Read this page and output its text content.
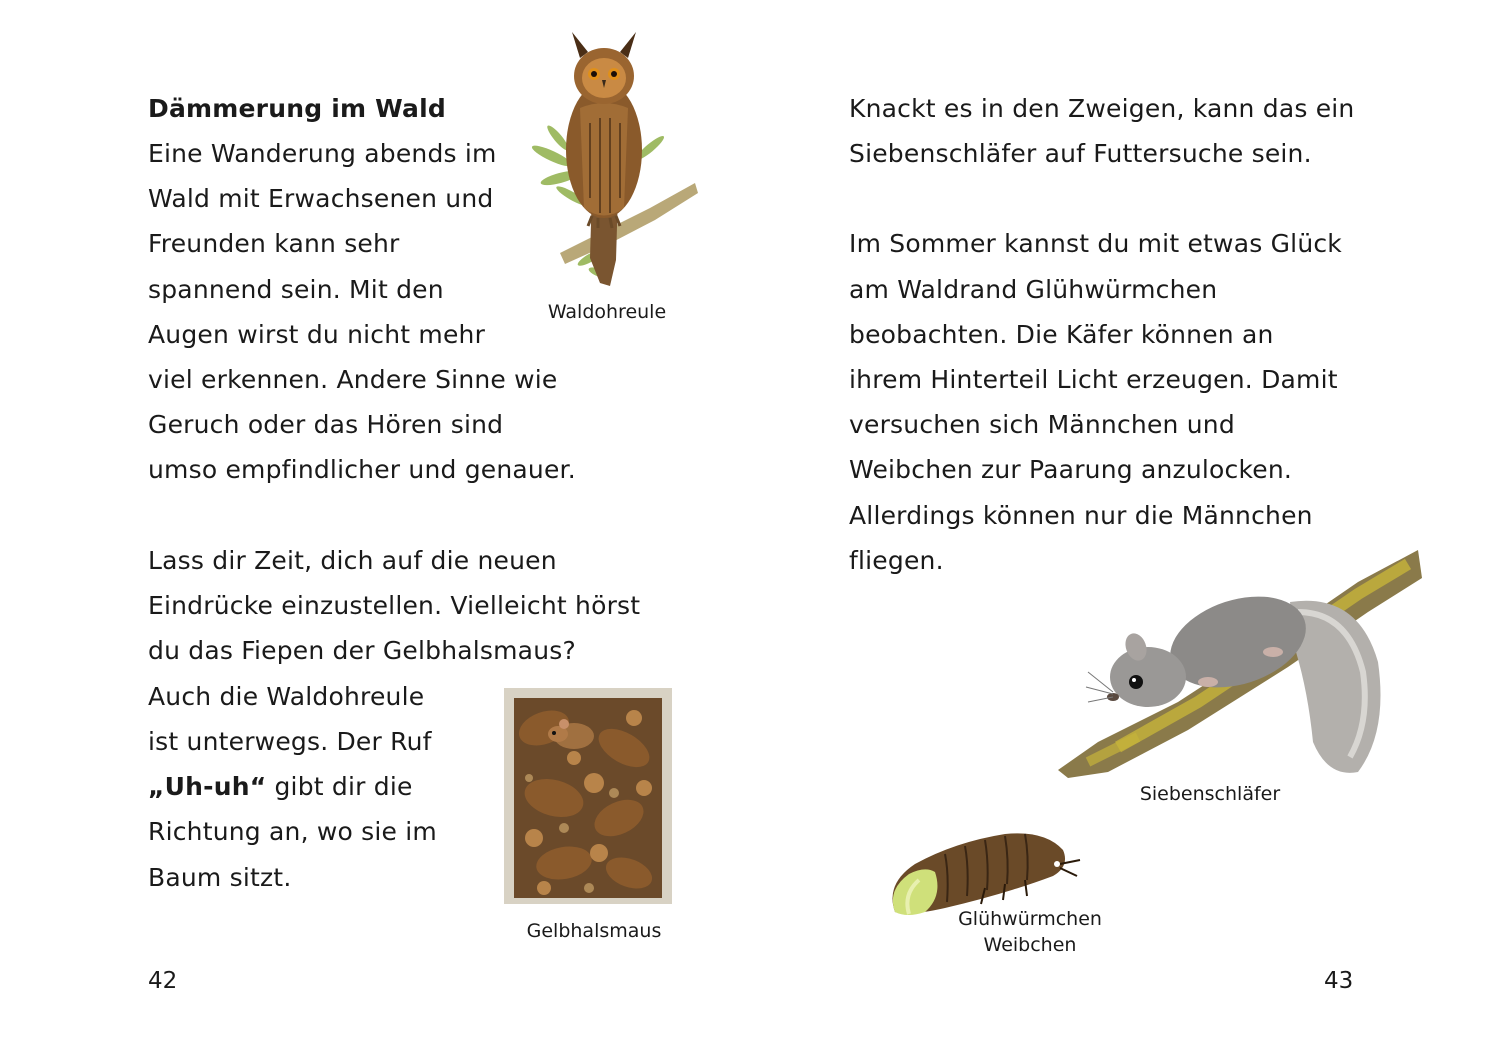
Dämmerung im Wald

Eine Wanderung abends im

Wald mit Erwachsenen und

Freunden kann sehr

spannend sein. Mit den

Augen wirst du nicht mehr

viel erkennen. Andere Sinne wie

Geruch oder das Hören sind

umso empfindlicher und genauer.

Lass dir Zeit, dich auf die neuen

Eindrücke einzustellen. Vielleicht hörst

du das Fiepen der Gelbhalsmaus?

Auch die Waldohreule

ist unterwegs. Der Ruf

„Uh-uh“ gibt dir die

Richtung an, wo sie im

Baum sitzt.

Waldohreule

Gelbhalsmaus

42

Knackt es in den Zweigen, kann das ein

Siebenschläfer auf Futtersuche sein.

Im Sommer kannst du mit etwas Glück

am Waldrand Glühwürmchen

beobachten. Die Käfer können an

ihrem Hinterteil Licht erzeugen. Damit

versuchen sich Männchen und

Weibchen zur Paarung anzulocken.

Allerdings können nur die Männchen

fliegen.

Siebenschläfer

Glühwürmchen

Weibchen

43
